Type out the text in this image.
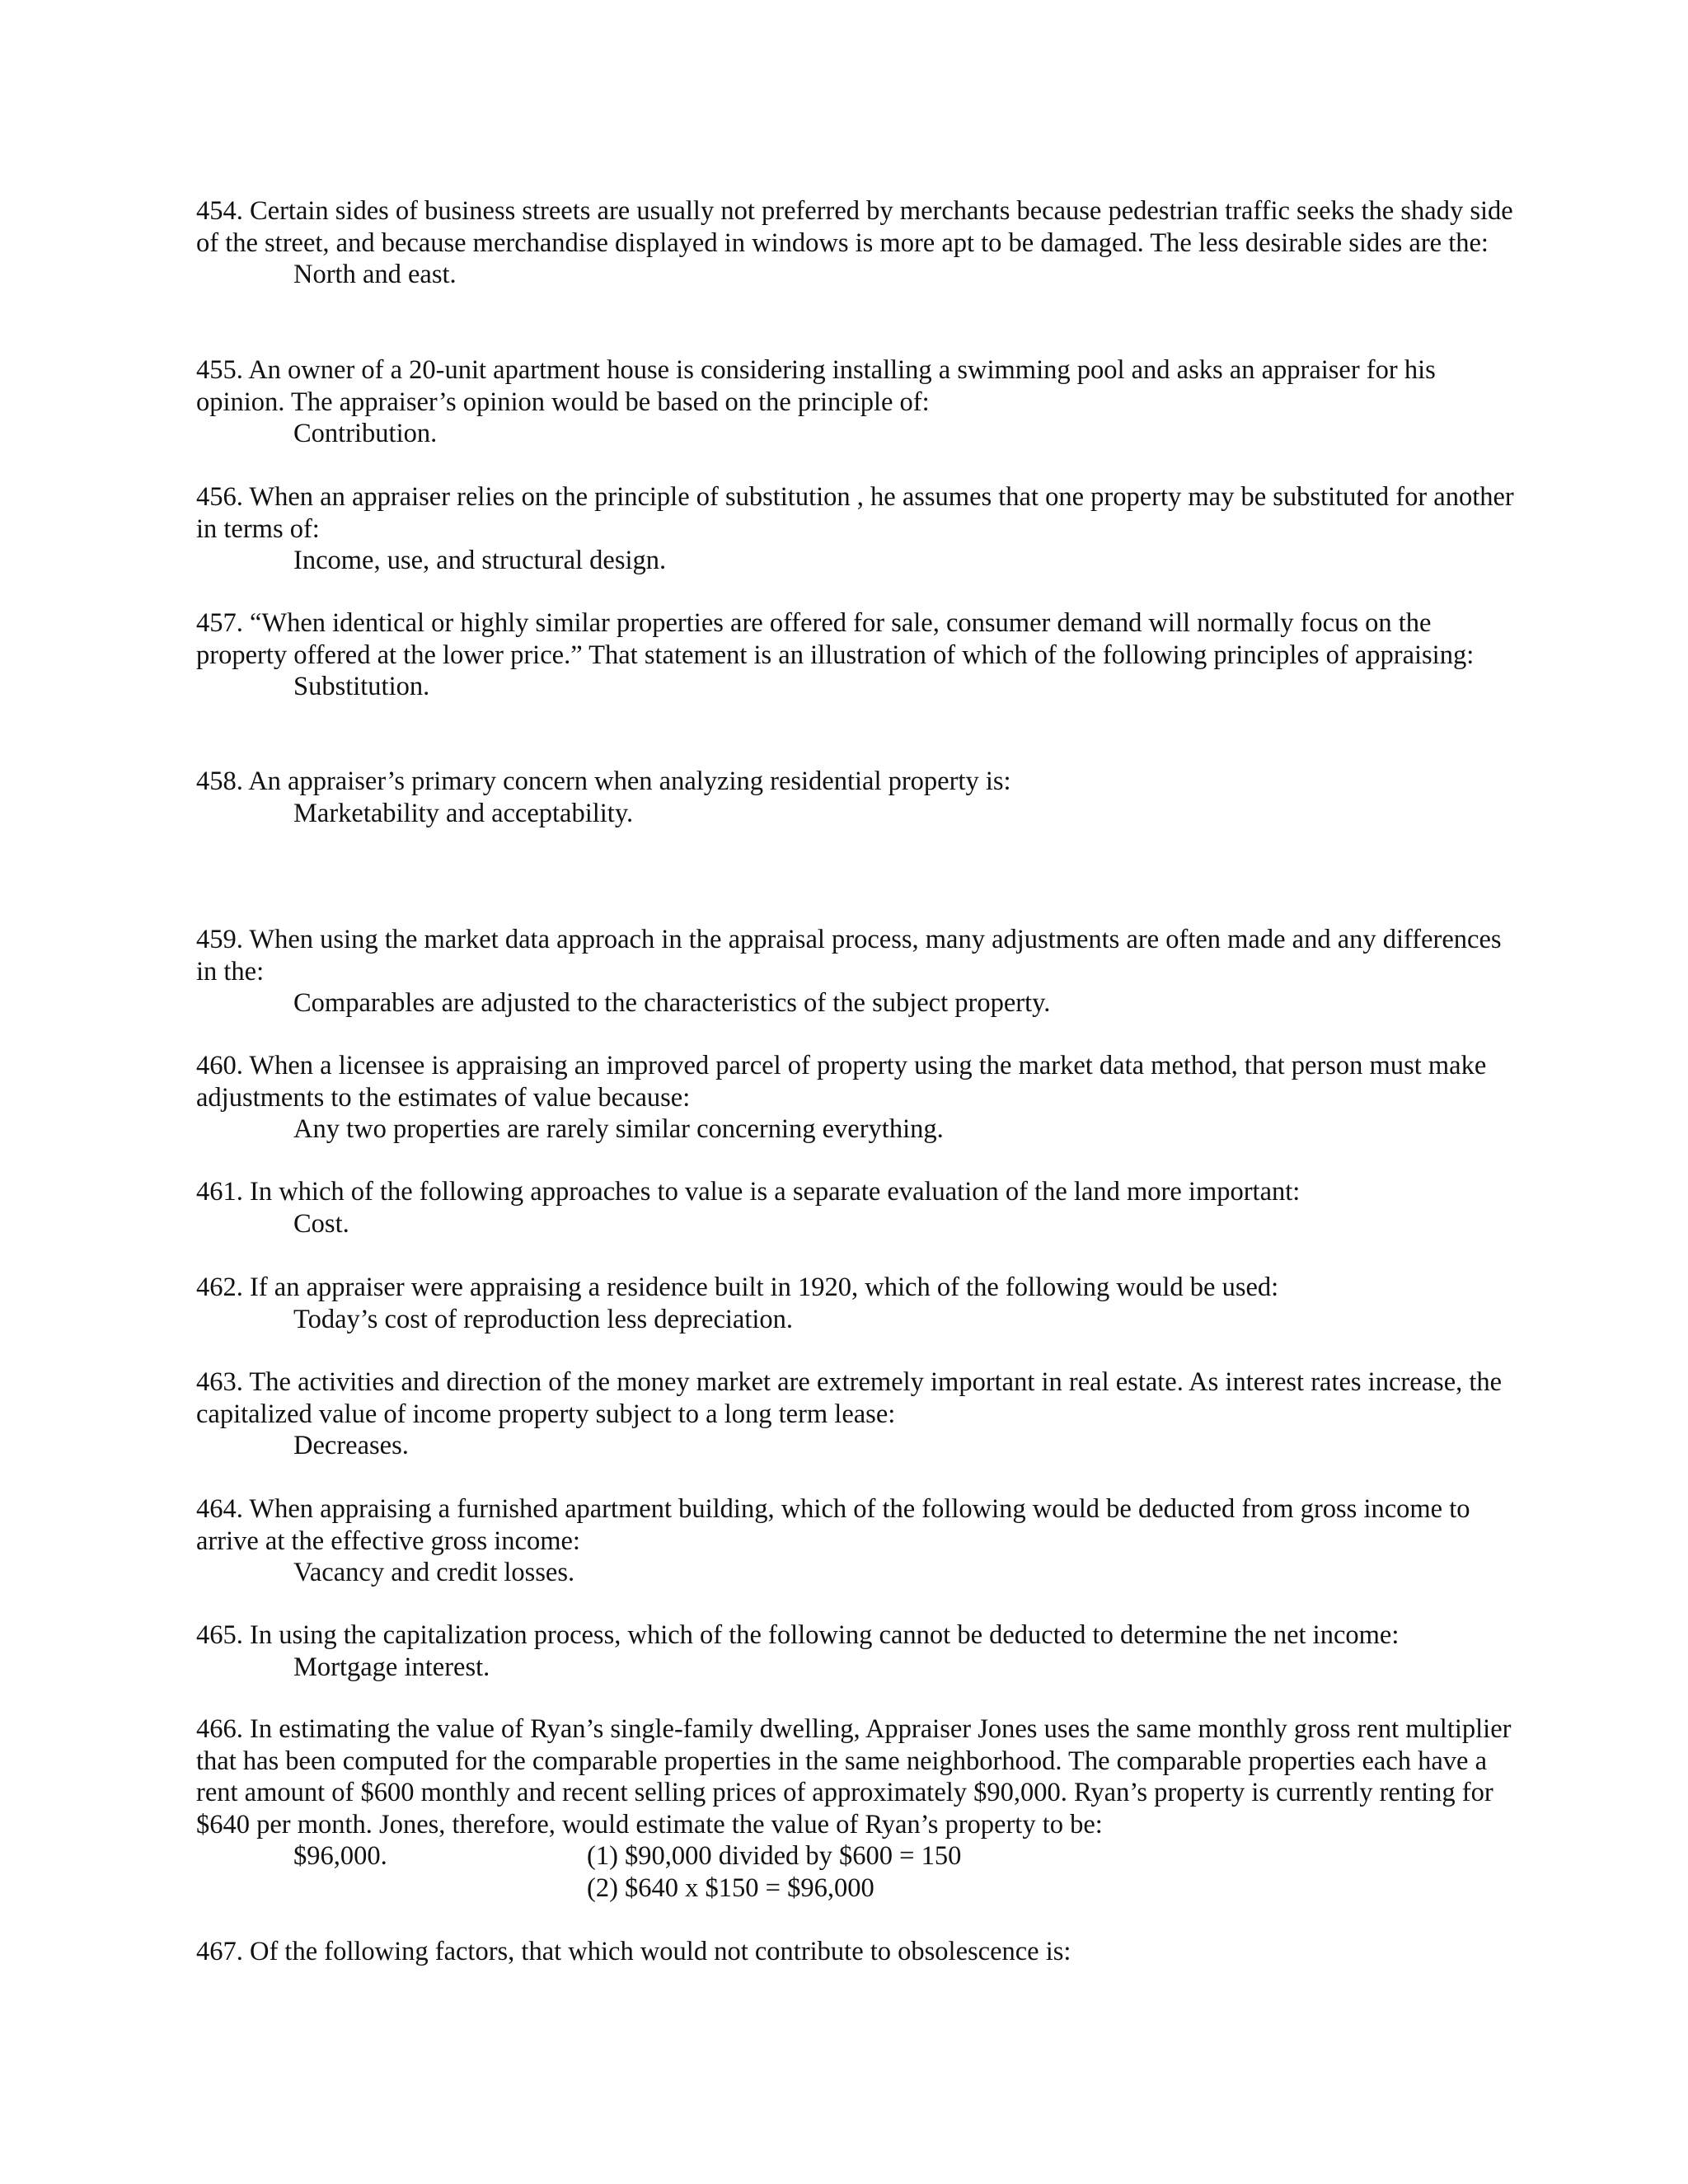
454. Certain sides of business streets are usually not preferred by merchants because pedestrian traffic seeks the shady side of the street, and because merchandise displayed in windows is more apt to be damaged. The less desirable sides are the:

North and east.

455. An owner of a 20-unit apartment house is considering installing a swimming pool and asks an appraiser for his opinion. The appraiser’s opinion would be based on the principle of:

Contribution.

456. When an appraiser relies on the principle of substitution , he assumes that one property may be substituted for another in terms of:

Income, use, and structural design.

457. “When identical or highly similar properties are offered for sale, consumer demand will normally focus on the property offered at the lower price.” That statement is an illustration of which of the following principles of appraising:

Substitution.

458. An appraiser’s primary concern when analyzing residential property is:

Marketability and acceptability.

459. When using the market data approach in the appraisal process, many adjustments are often made and any differences in the:

Comparables are adjusted to the characteristics of the subject property.

460. When a licensee is appraising an improved parcel of property using the market data method, that person must make adjustments to the estimates of value because:

Any two properties are rarely similar concerning everything.

461. In which of the following approaches to value is a separate evaluation of the land more important:

Cost.

462. If an appraiser were appraising a residence built in 1920, which of the following would be used:

Today’s cost of reproduction less depreciation.

463. The activities and direction of the money market are extremely important in real estate. As interest rates increase, the capitalized value of income property subject to a long term lease:

Decreases.

464. When appraising a furnished apartment building, which of the following would be deducted from gross income to arrive at the effective gross income:

Vacancy and credit losses.

465. In using the capitalization process, which of the following cannot be deducted to determine the net income:

Mortgage interest.

466. In estimating the value of Ryan’s single-family dwelling, Appraiser Jones uses the same monthly gross rent multiplier that has been computed for the comparable properties in the same neighborhood. The comparable properties each have a rent amount of $600 monthly and recent selling prices of approximately $90,000. Ryan’s property is currently renting for $640 per month. Jones, therefore, would estimate the value of Ryan’s property to be:

$96,000.	(1) $90,000 divided by $600 = 150
(2) $640 x $150 = $96,000

467. Of the following factors, that which would not contribute to obsolescence is:
